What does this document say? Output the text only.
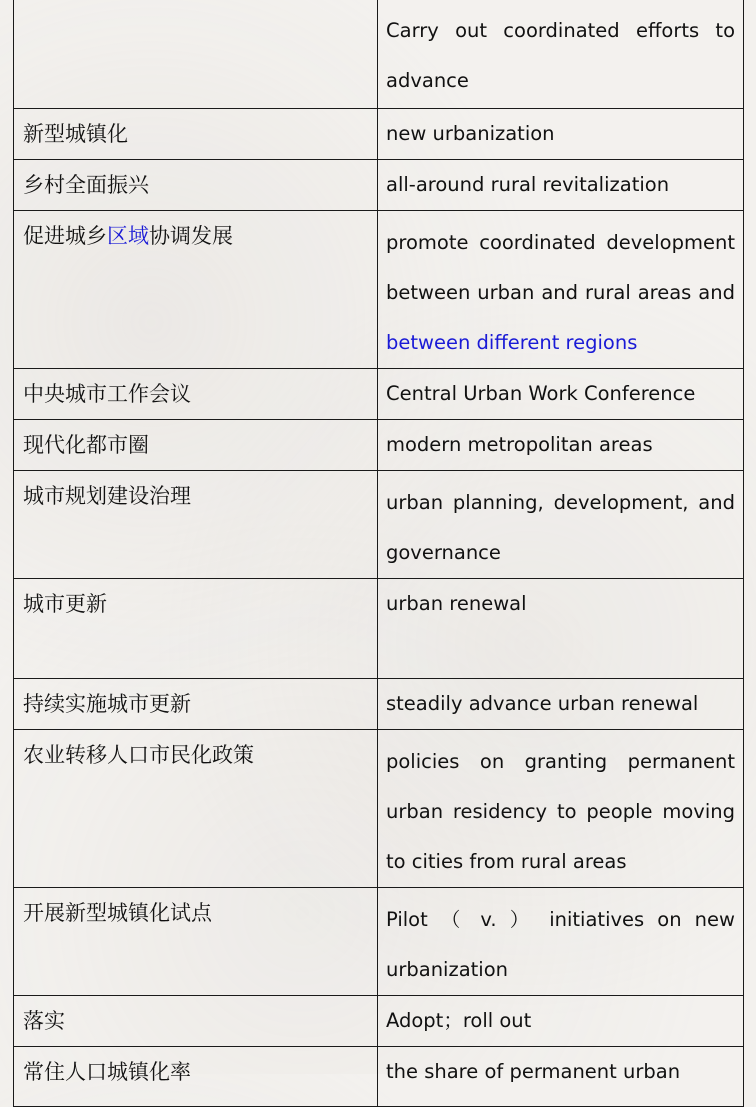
	Carry out coordinated efforts to advance

新型城镇化	new urbanization

乡村全面振兴	all-around rural revitalization

促进城乡区域协调发展	promote coordinated development between urban and rural areas and between different regions

中央城市工作会议	Central Urban Work Conference

现代化都市圈	modern metropolitan areas

城市规划建设治理	urban planning, development, and governance

城市更新	urban renewal

持续实施城市更新	steadily advance urban renewal

农业转移人口市民化政策	policies on granting permanent urban residency to people moving to cities from rural areas

开展新型城镇化试点	Pilot （ v. ） initiatives on new urbanization

落实	Adopt；roll out

常住人口城镇化率	the share of permanent urban
